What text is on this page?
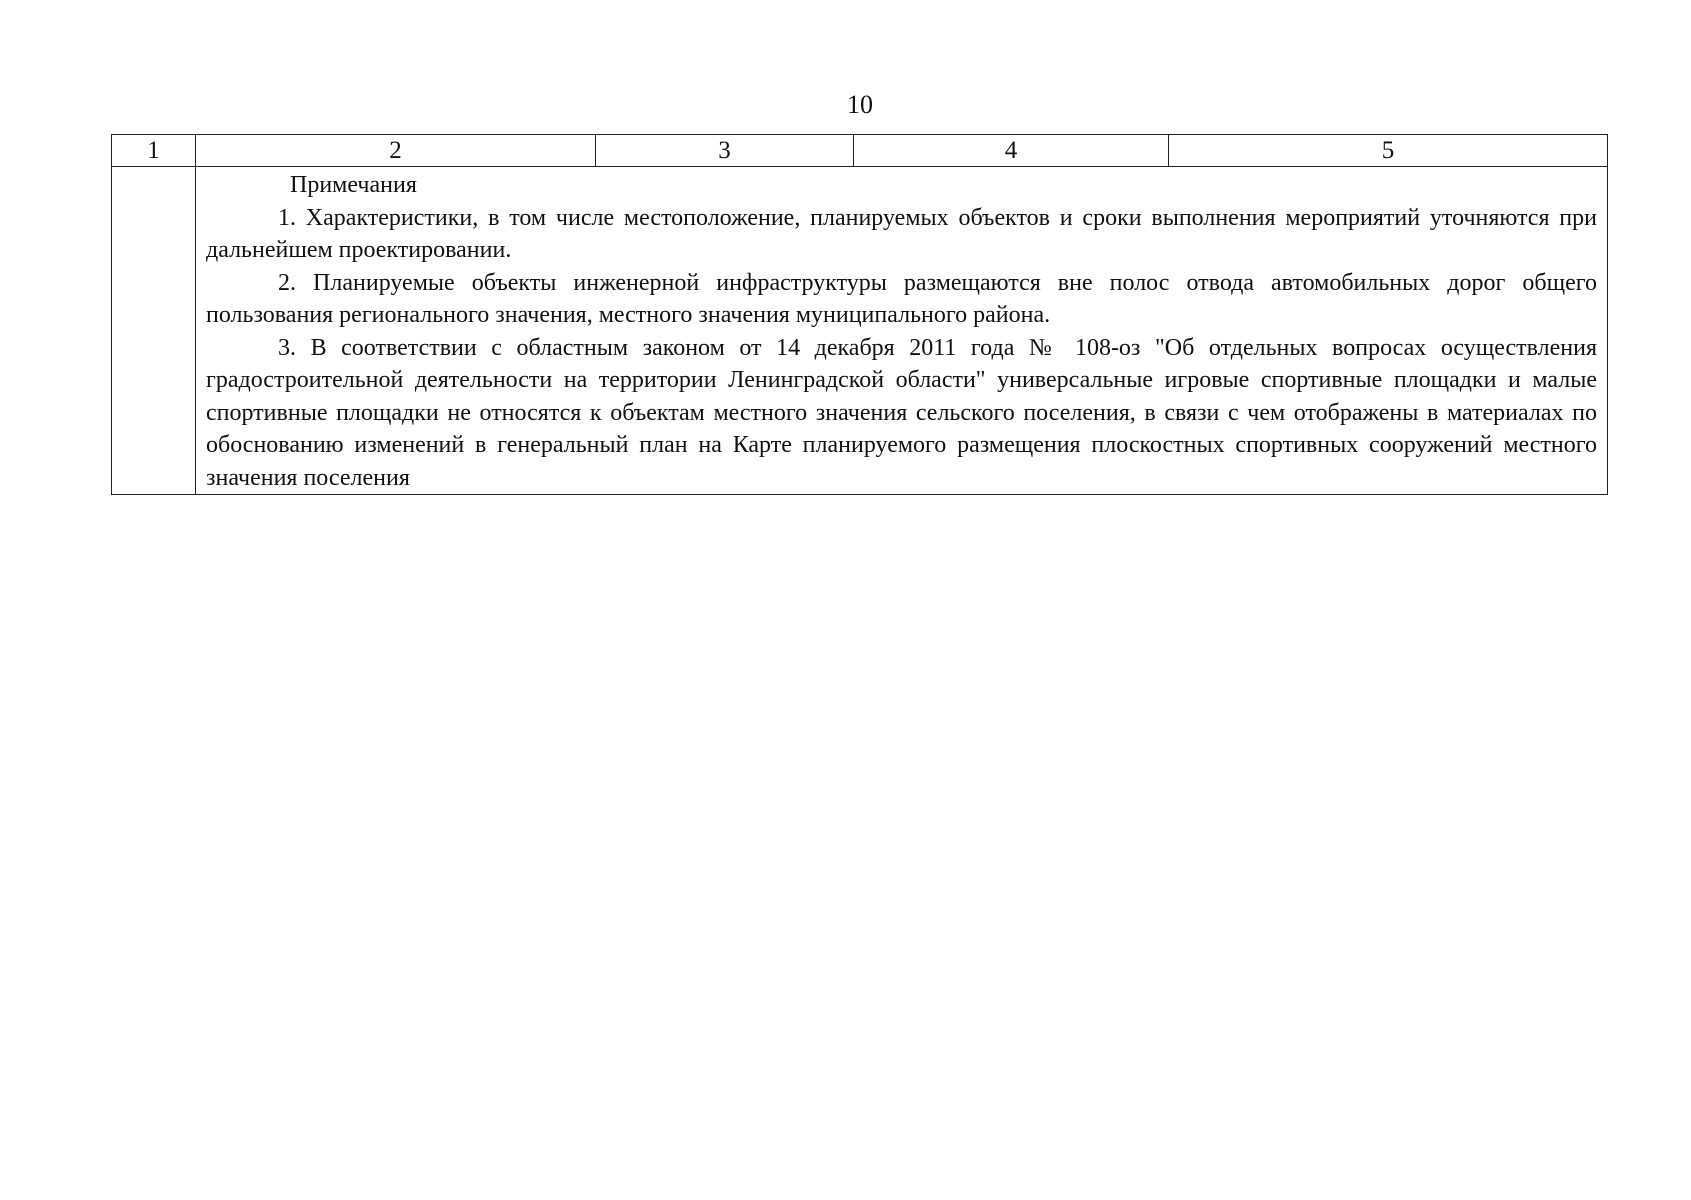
10
1	2	3	4	5

	Примечания

1. Характеристики, в том числе местоположение, планируемых объектов и сроки выполнения мероприятий уточняются при дальнейшем проектировании.

2. Планируемые объекты инженерной инфраструктуры размещаются вне полос отвода автомобильных дорог общего пользования регионального значения, местного значения муниципального района.

3. В соответствии с областным законом от 14 декабря 2011 года № 108-оз "Об отдельных вопросах осуществления градостроительной деятельности на территории Ленинградской области" универсальные игровые спортивные площадки и малые спортивные площадки не относятся к объектам местного значения сельского поселения, в связи с чем отображены в материалах по обоснованию изменений в генеральный план на Карте планируемого размещения плоскостных спортивных сооружений местного значения поселения			
